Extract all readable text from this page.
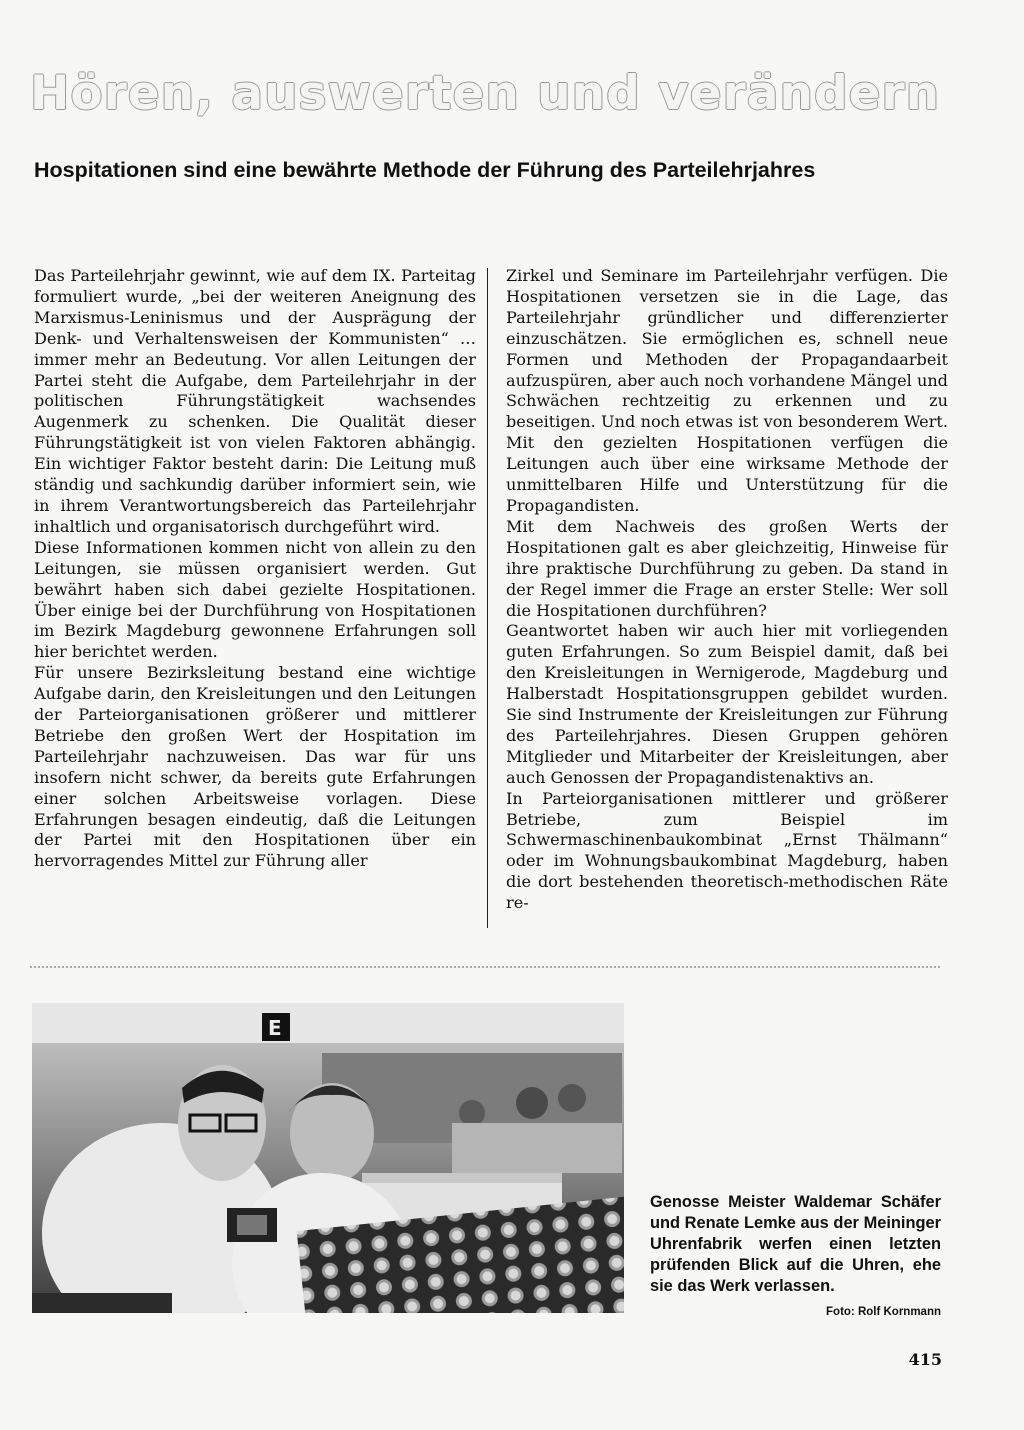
Hören, auswerten und verändern
Hospitationen sind eine bewährte Methode der Führung des Parteilehrjahres

Das Parteilehrjahr gewinnt, wie auf dem IX. Parteitag formuliert wurde, „bei der weiteren Aneignung des Marxismus-Leninismus und der Ausprägung der Denk- und Verhaltensweisen der Kommunisten“ … immer mehr an Bedeutung. Vor allen Leitungen der Partei steht die Aufgabe, dem Parteilehrjahr in der politischen Führungstätigkeit wachsendes Augenmerk zu schenken. Die Qualität dieser Führungstätigkeit ist von vielen Faktoren abhängig. Ein wichtiger Faktor besteht darin: Die Leitung muß ständig und sachkundig darüber informiert sein, wie in ihrem Verantwortungsbereich das Parteilehrjahr inhaltlich und organisatorisch durchgeführt wird.

Diese Informationen kommen nicht von allein zu den Leitungen, sie müssen organisiert werden. Gut bewährt haben sich dabei gezielte Hospitationen. Über einige bei der Durchführung von Hospitationen im Bezirk Magdeburg gewonnene Erfahrungen soll hier berichtet werden.

Für unsere Bezirksleitung bestand eine wichtige Aufgabe darin, den Kreisleitungen und den Leitungen der Parteiorganisationen größerer und mittlerer Betriebe den großen Wert der Hospitation im Parteilehrjahr nachzuweisen. Das war für uns insofern nicht schwer, da bereits gute Erfahrungen einer solchen Arbeitsweise vorlagen. Diese Erfahrungen besagen eindeutig, daß die Leitungen der Partei mit den Hospitationen über ein hervorragendes Mittel zur Führung aller

Zirkel und Seminare im Parteilehrjahr verfügen. Die Hospitationen versetzen sie in die Lage, das Parteilehrjahr gründlicher und differenzierter einzuschätzen. Sie ermöglichen es, schnell neue Formen und Methoden der Propagandaarbeit aufzuspüren, aber auch noch vorhandene Mängel und Schwächen rechtzeitig zu erkennen und zu beseitigen. Und noch etwas ist von besonderem Wert. Mit den gezielten Hospitationen verfügen die Leitungen auch über eine wirksame Methode der unmittelbaren Hilfe und Unterstützung für die Propagandisten.

Mit dem Nachweis des großen Werts der Hospitationen galt es aber gleichzeitig, Hinweise für ihre praktische Durchführung zu geben. Da stand in der Regel immer die Frage an erster Stelle: Wer soll die Hospitationen durchführen?

Geantwortet haben wir auch hier mit vorliegenden guten Erfahrungen. So zum Beispiel damit, daß bei den Kreisleitungen in Wernigerode, Magdeburg und Halberstadt Hospitationsgruppen gebildet wurden. Sie sind Instrumente der Kreisleitungen zur Führung des Parteilehrjahres. Diesen Gruppen gehören Mitglieder und Mitarbeiter der Kreisleitungen, aber auch Genossen der Propagandistenaktivs an.

In Parteiorganisationen mittlerer und größerer Betriebe, zum Beispiel im Schwermaschinenbaukombinat „Ernst Thälmann“ oder im Wohnungsbaukombinat Magdeburg, haben die dort bestehenden theoretisch-methodischen Räte re-

E
Genosse Meister Waldemar Schäfer und Renate Lemke aus der Meininger Uhrenfabrik werfen einen letzten prüfenden Blick auf die Uhren, ehe sie das Werk verlassen.
Foto: Rolf Kornmann
415
